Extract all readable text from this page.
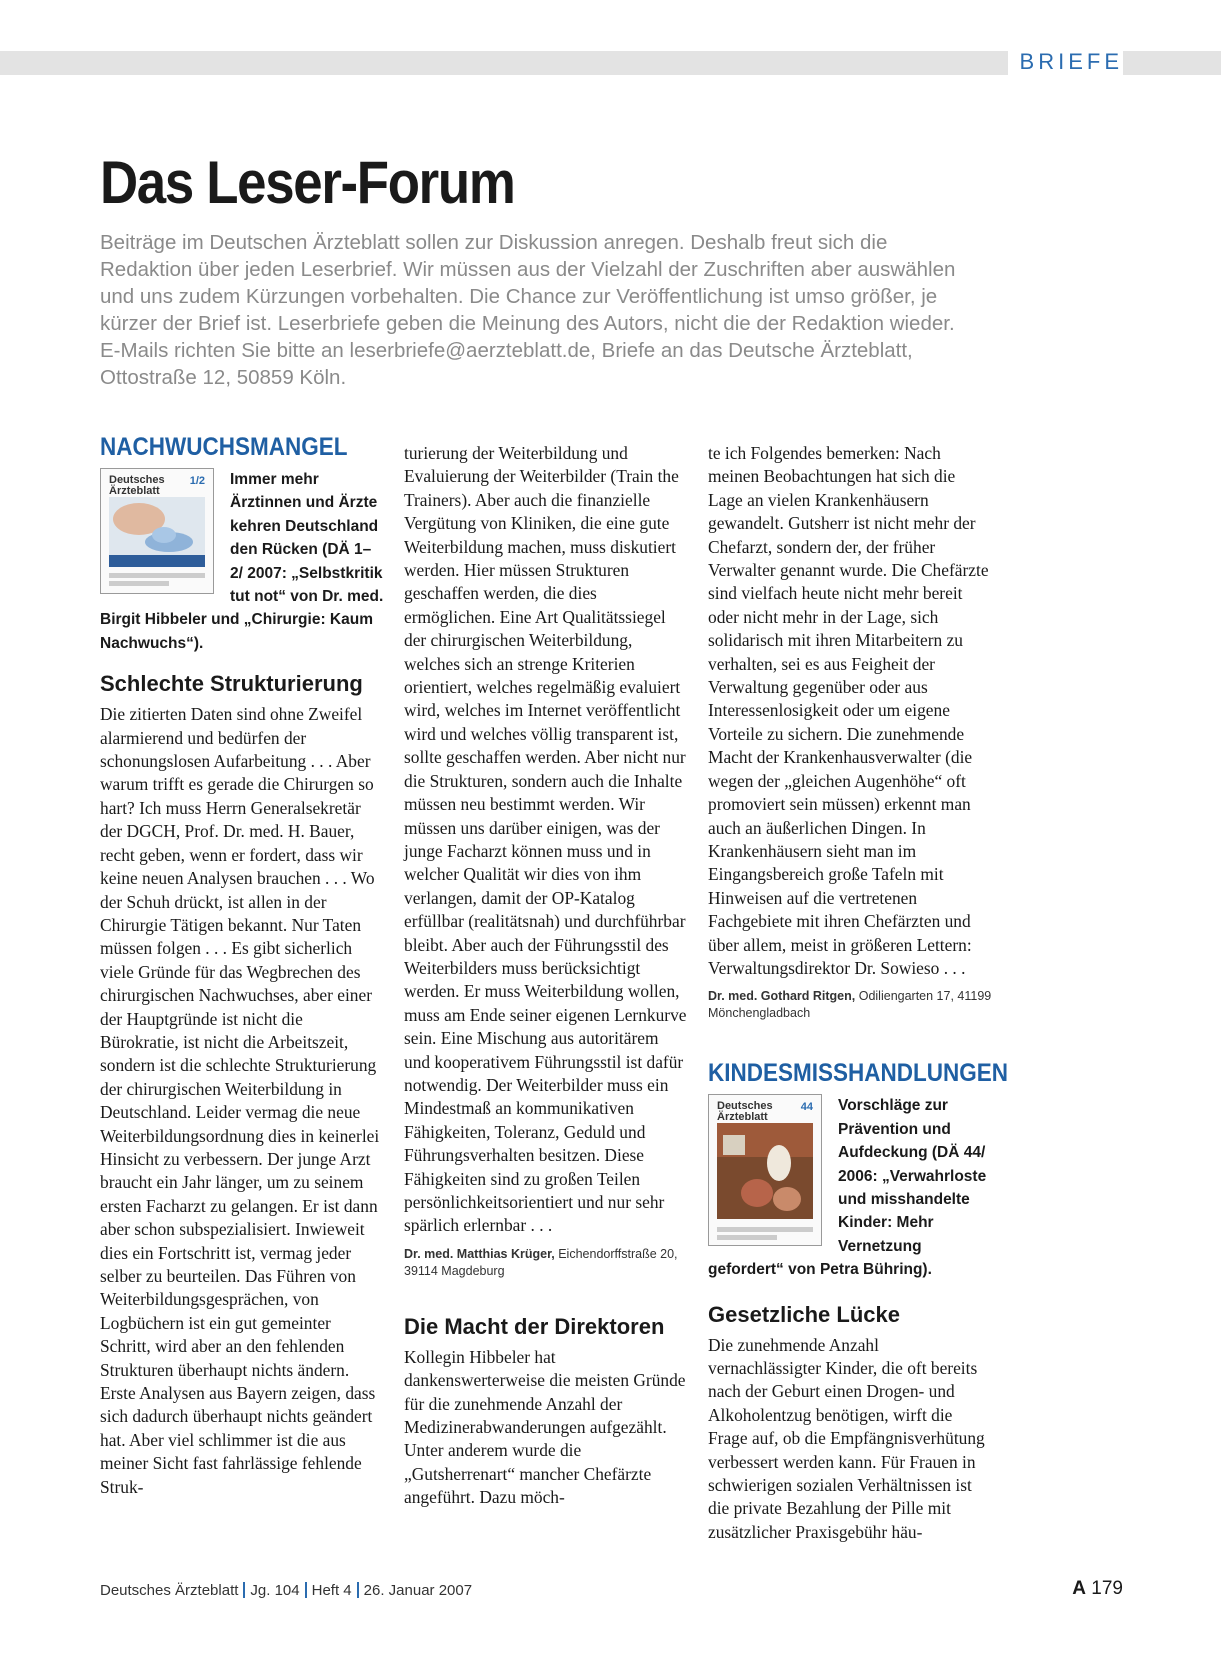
BRIEFE
Das Leser-Forum

Beiträge im Deutschen Ärzteblatt sollen zur Diskussion anregen. Deshalb freut sich die Redaktion über jeden Leserbrief. Wir müssen aus der Vielzahl der Zuschriften aber auswählen und uns zudem Kürzungen vorbehalten. Die Chance zur Veröffentlichung ist umso größer, je kürzer der Brief ist. Leserbriefe geben die Meinung des Autors, nicht die der Redaktion wieder. E-Mails richten Sie bitte an leserbriefe@aerzteblatt.de, Briefe an das Deutsche Ärzteblatt, Ottostraße 12, 50859 Köln.

NACHWUCHSMANGEL
Deutsches Ärzteblatt
1/2	Immer mehr Ärztinnen und Ärzte kehren Deutschland den Rücken (DÄ 1–2/ 2007: „Selbstkritik tut not“ von Dr. med. Birgit Hibbeler und „Chirurgie: Kaum Nachwuchs“).

Schlechte Strukturierung

Die zitierten Daten sind ohne Zweifel alarmierend und bedürfen der schonungslosen Aufarbeitung . . . Aber warum trifft es gerade die Chirurgen so hart? Ich muss Herrn Generalsekretär der DGCH, Prof. Dr. med. H. Bauer, recht geben, wenn er fordert, dass wir keine neuen Analysen brauchen . . . Wo der Schuh drückt, ist allen in der Chirurgie Tätigen bekannt. Nur Taten müssen folgen . . . Es gibt sicherlich viele Gründe für das Wegbrechen des chirurgischen Nachwuchses, aber einer der Hauptgründe ist nicht die Bürokratie, ist nicht die Arbeitszeit, sondern ist die schlechte Strukturierung der chirurgischen Weiterbildung in Deutschland. Leider vermag die neue Weiterbildungsordnung dies in keinerlei Hinsicht zu verbessern. Der junge Arzt braucht ein Jahr länger, um zu seinem ersten Facharzt zu gelangen. Er ist dann aber schon subspezialisiert. Inwieweit dies ein Fortschritt ist, vermag jeder selber zu beurteilen. Das Führen von Weiterbildungsgesprächen, von Logbüchern ist ein gut gemeinter Schritt, wird aber an den fehlenden Strukturen überhaupt nichts ändern. Erste Analysen aus Bayern zeigen, dass sich dadurch überhaupt nichts geändert hat. Aber viel schlimmer ist die aus meiner Sicht fast fahrlässige fehlende Struk-

turierung der Weiterbildung und Evaluierung der Weiterbilder (Train the Trainers). Aber auch die finanzielle Vergütung von Kliniken, die eine gute Weiterbildung machen, muss diskutiert werden. Hier müssen Strukturen geschaffen werden, die dies ermöglichen. Eine Art Qualitätssiegel der chirurgischen Weiterbildung, welches sich an strenge Kriterien orientiert, welches regelmäßig evaluiert wird, welches im Internet veröffentlicht wird und welches völlig transparent ist, sollte geschaffen werden. Aber nicht nur die Strukturen, sondern auch die Inhalte müssen neu bestimmt werden. Wir müssen uns darüber einigen, was der junge Facharzt können muss und in welcher Qualität wir dies von ihm verlangen, damit der OP-Katalog erfüllbar (realitätsnah) und durchführbar bleibt. Aber auch der Führungsstil des Weiterbilders muss berücksichtigt werden. Er muss Weiterbildung wollen, muss am Ende seiner eigenen Lernkurve sein. Eine Mischung aus autoritärem und kooperativem Führungsstil ist dafür notwendig. Der Weiterbilder muss ein Mindestmaß an kommunikativen Fähigkeiten, Toleranz, Geduld und Führungsverhalten besitzen. Diese Fähigkeiten sind zu großen Teilen persönlichkeitsorientiert und nur sehr spärlich erlernbar . . .

Dr. med. Matthias Krüger, Eichendorffstraße 20, 39114 Magdeburg

Die Macht der Direktoren

Kollegin Hibbeler hat dankenswerterweise die meisten Gründe für die zunehmende Anzahl der Medizinerabwanderungen aufgezählt. Unter anderem wurde die „Gutsherrenart“ mancher Chefärzte angeführt. Dazu möch-

te ich Folgendes bemerken: Nach meinen Beobachtungen hat sich die Lage an vielen Krankenhäusern gewandelt. Gutsherr ist nicht mehr der Chefarzt, sondern der, der früher Verwalter genannt wurde. Die Chefärzte sind vielfach heute nicht mehr bereit oder nicht mehr in der Lage, sich solidarisch mit ihren Mitarbeitern zu verhalten, sei es aus Feigheit der Verwaltung gegenüber oder aus Interessenlosigkeit oder um eigene Vorteile zu sichern. Die zunehmende Macht der Krankenhausverwalter (die wegen der „gleichen Augenhöhe“ oft promoviert sein müssen) erkennt man auch an äußerlichen Dingen. In Krankenhäusern sieht man im Eingangsbereich große Tafeln mit Hinweisen auf die vertretenen Fachgebiete mit ihren Chefärzten und über allem, meist in größeren Lettern: Verwaltungsdirektor Dr. Sowieso . . .

Dr. med. Gothard Ritgen, Odiliengarten 17, 41199 Mönchengladbach

KINDESMISSHANDLUNGEN
Deutsches Ärzteblatt
44	Vorschläge zur Prävention und Aufdeckung (DÄ 44/ 2006: „Verwahrloste und misshandelte Kinder: Mehr Vernetzung gefordert“ von Petra Bühring).

Gesetzliche Lücke

Die zunehmende Anzahl vernachlässigter Kinder, die oft bereits nach der Geburt einen Drogen- und Alkoholentzug benötigen, wirft die Frage auf, ob die Empfängnisverhütung verbessert werden kann. Für Frauen in schwierigen sozialen Verhältnissen ist die private Bezahlung der Pille mit zusätzlicher Praxisgebühr häu-

Deutsches Ärzteblatt Jg. 104 Heft 4 26. Januar 2007	A 179
